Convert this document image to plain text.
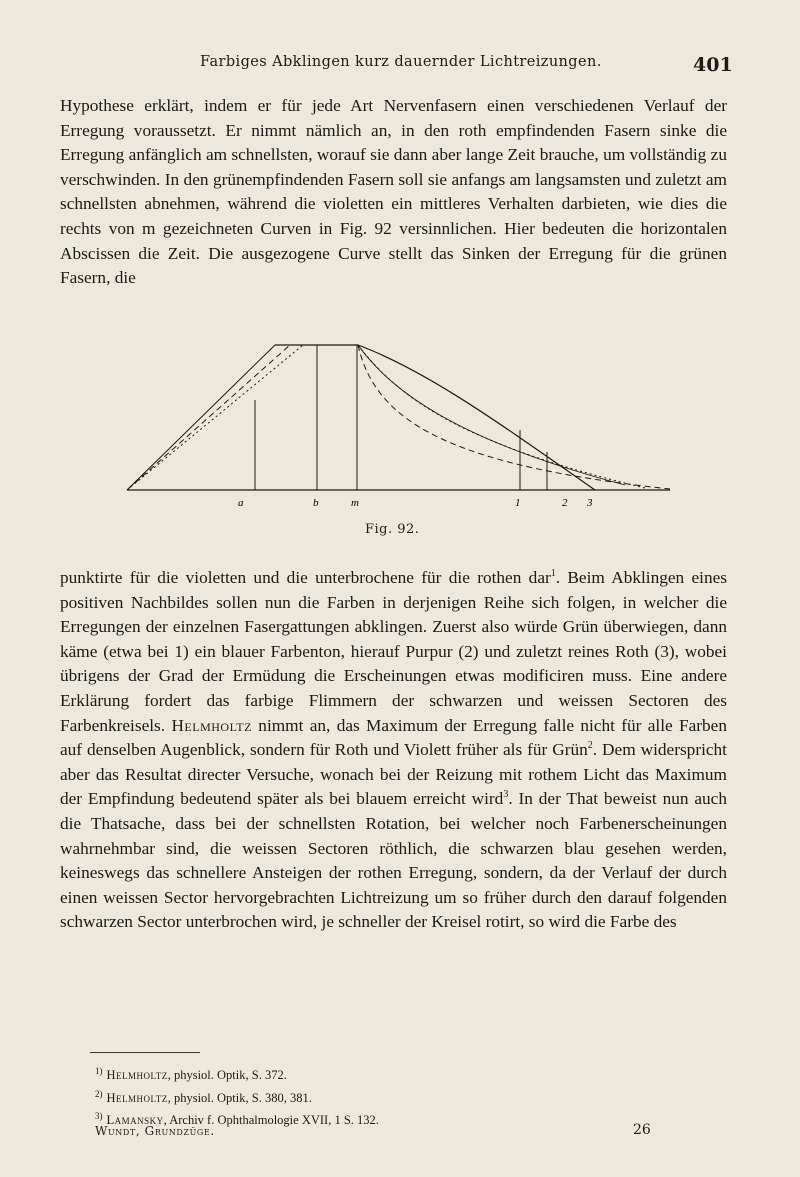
Farbiges Abklingen kurz dauernder Lichtreizungen.	401

Hypothese erklärt, indem er für jede Art Nervenfasern einen verschiedenen Verlauf der Erregung voraussetzt. Er nimmt nämlich an, in den roth empfindenden Fasern sinke die Erregung anfänglich am schnellsten, worauf sie dann aber lange Zeit brauche, um vollständig zu verschwinden. In den grünempfindenden Fasern soll sie anfangs am langsamsten und zuletzt am schnellsten abnehmen, während die violetten ein mittleres Verhalten darbieten, wie dies die rechts von m gezeichneten Curven in Fig. 92 versinnlichen. Hier bedeuten die horizontalen Abscissen die Zeit. Die ausgezogene Curve stellt das Sinken der Erregung für die grünen Fasern, die

a	b	m	1	2 3
Fig. 92.

punktirte für die violetten und die unterbrochene für die rothen dar$^1$. Beim Abklingen eines positiven Nachbildes sollen nun die Farben in derjenigen Reihe sich folgen, in welcher die Erregungen der einzelnen Fasergattungen abklingen. Zuerst also würde Grün überwiegen, dann käme (etwa bei 1) ein blauer Farbenton, hierauf Purpur (2) und zuletzt reines Roth (3), wobei übrigens der Grad der Ermüdung die Erscheinungen etwas modificiren muss. Eine andere Erklärung fordert das farbige Flimmern der schwarzen und weissen Sectoren des Farbenkreisels. Helmholtz nimmt an, das Maximum der Erregung falle nicht für alle Farben auf denselben Augenblick, sondern für Roth und Violett früher als für Grün$^2$. Dem widerspricht aber das Resultat directer Versuche, wonach bei der Reizung mit rothem Licht das Maximum der Empfindung bedeutend später als bei blauem erreicht wird$^3$. In der That beweist nun auch die Thatsache, dass bei der schnellsten Rotation, bei welcher noch Farbenerscheinungen wahrnehmbar sind, die weissen Sectoren röthlich, die schwarzen blau gesehen werden, keineswegs das schnellere Ansteigen der rothen Erregung, sondern, da der Verlauf der durch einen weissen Sector hervorgebrachten Lichtreizung um so früher durch den darauf folgenden schwarzen Sector unterbrochen wird, je schneller der Kreisel rotirt, so wird die Farbe des

$^{1)}$ Helmholtz, physiol. Optik, S. 372.
$^{2)}$ Helmholtz, physiol. Optik, S. 380, 381.
$^{3)}$ Lamansky, Archiv f. Ophthalmologie XVII, 1 S. 132.
Wundt, Grundzüge.	26
